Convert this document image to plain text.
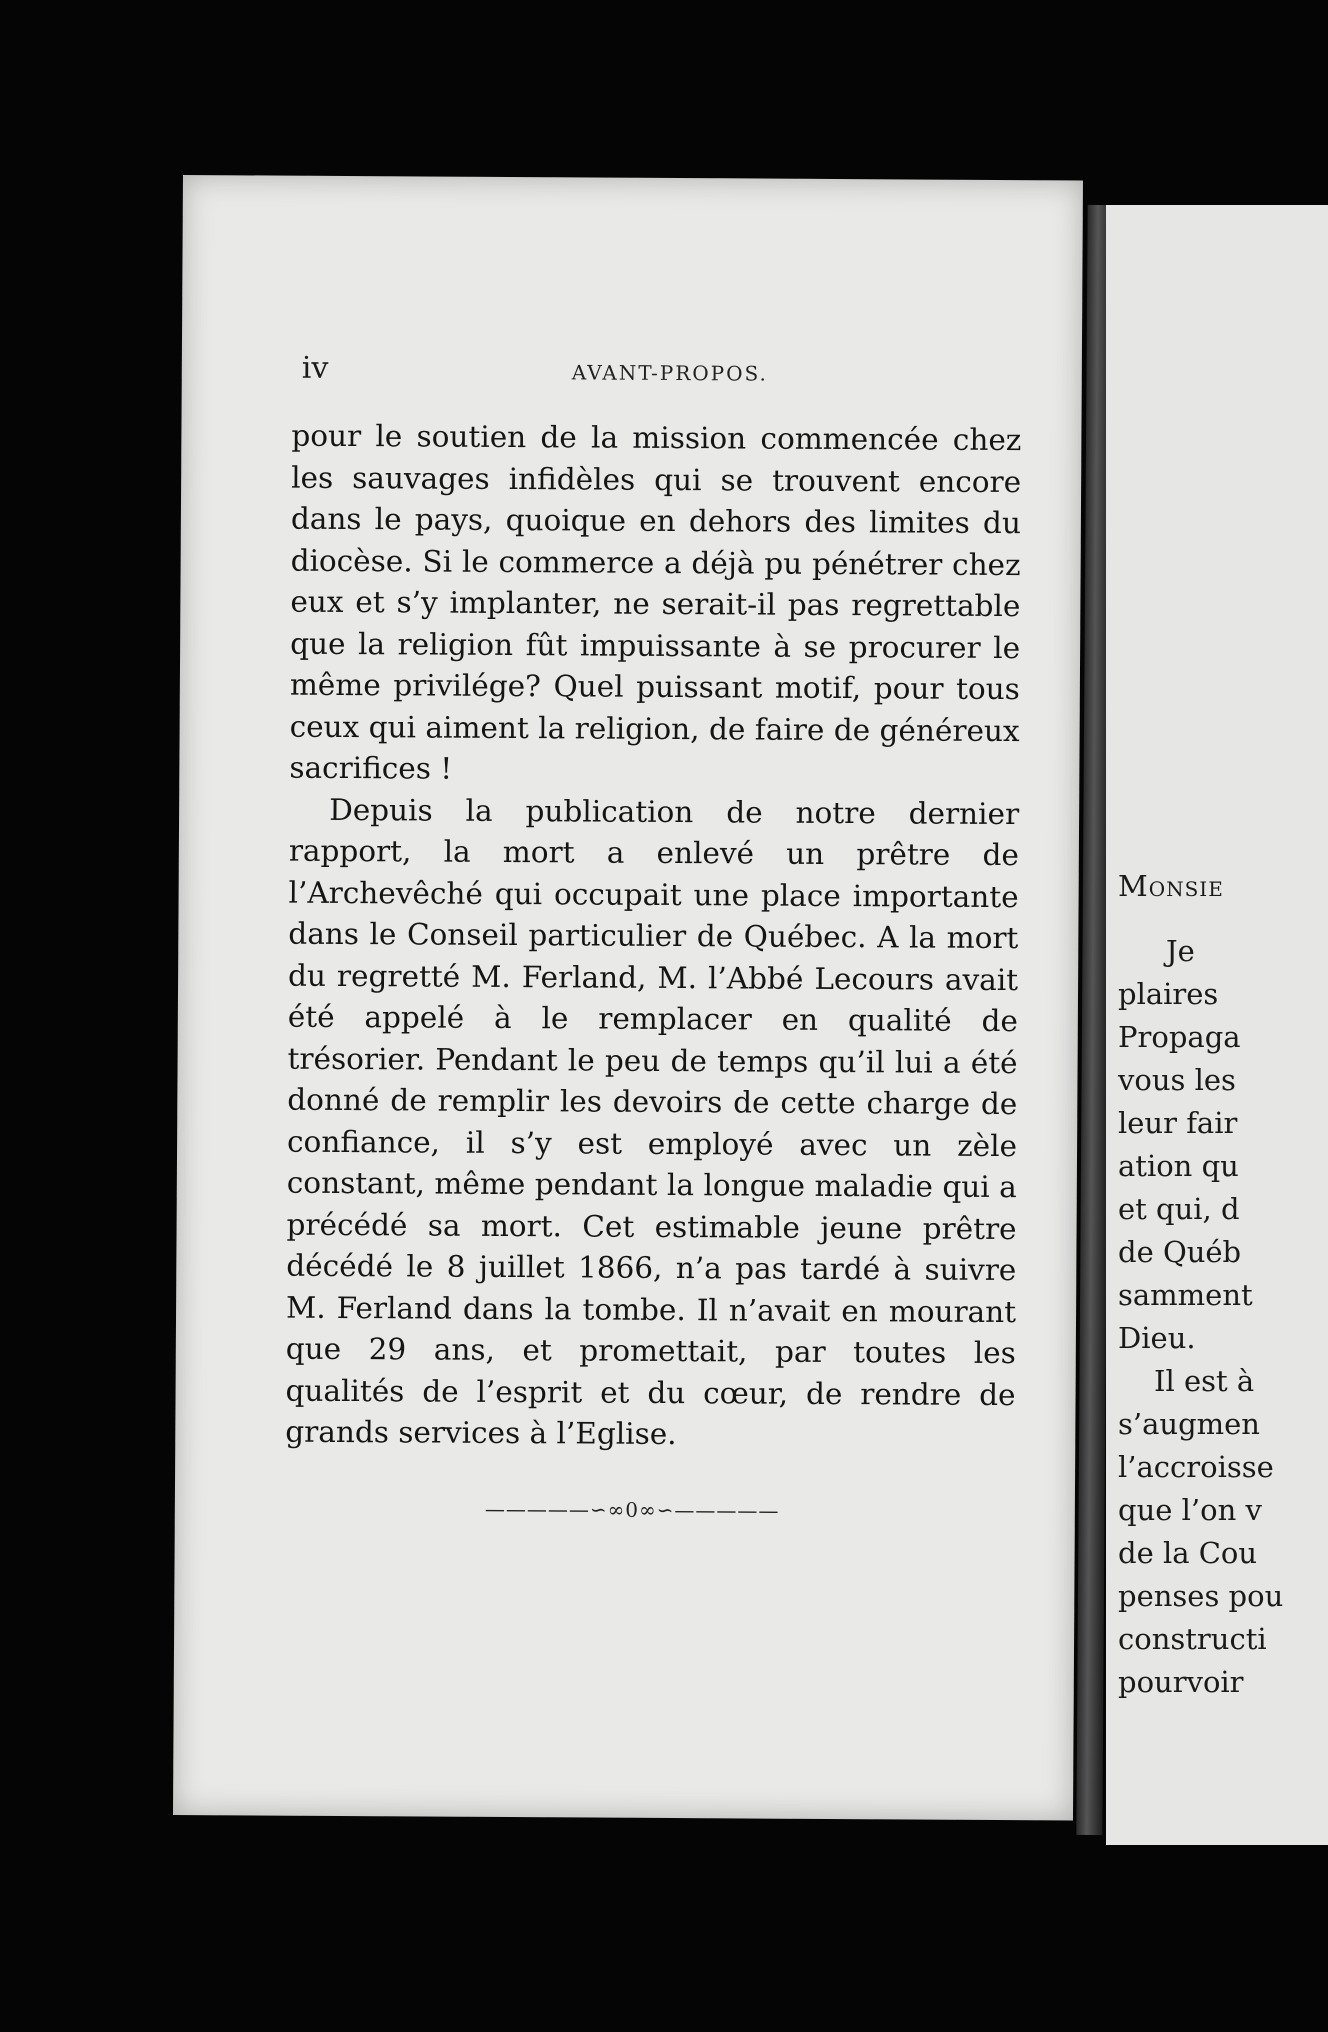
iv	AVANT-PROPOS.

pour le soutien de la mission commencée chez les sauvages infidèles qui se trouvent encore dans le pays, quoique en dehors des limites du diocèse. Si le commerce a déjà pu pénétrer chez eux et s’y implanter, ne serait-il pas regrettable que la religion fût impuissante à se procurer le même privilége? Quel puissant motif, pour tous ceux qui aiment la religion, de faire de généreux sacrifices !

Depuis la publication de notre dernier rapport, la mort a enlevé un prêtre de l’Archevêché qui occupait une place importante dans le Conseil particulier de Québec. A la mort du regretté M. Ferland, M. l’Abbé Lecours avait été appelé à le remplacer en qualité de trésorier. Pendant le peu de temps qu’il lui a été donné de remplir les devoirs de cette charge de confiance, il s’y est employé avec un zèle constant, même pendant la longue maladie qui a précédé sa mort. Cet estimable jeune prêtre décédé le 8 juillet 1866, n’a pas tardé à suivre M. Ferland dans la tombe. Il n’avait en mourant que 29 ans, et promettait, par toutes les qualités de l’esprit et du cœur, de rendre de grands services à l’Eglise.

—————∽∞0∞∽—————
Monsie
Je
plaires
Propaga
vous les
leur fair
ation qu
et qui, d
de Québ
samment
Dieu.
Il est à
s’augmen
l’accroisse
que l’on v
de la Cou
penses pou
constructi
pourvoir
